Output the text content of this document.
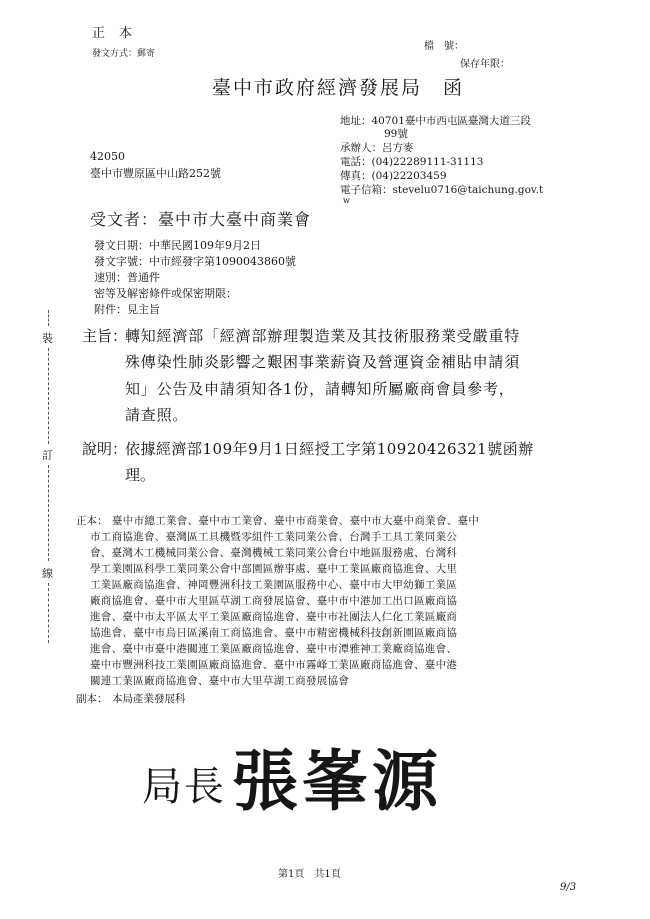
正本
發文方式：郵寄
檔　號：
保存年限：
臺中市政府經濟發展局　函
地址：40701臺中市西屯區臺灣大道三段
99號
承辦人：呂方麥
電話：(04)22289111-31113
傳真：(04)22203459
電子信箱：stevelu0716@taichung.gov.t
w
42050
臺中市豐原區中山路252號
受文者：臺中市大臺中商業會
發文日期：中華民國109年9月2日
發文字號：中市經發字第1090043860號
速別：普通件
密等及解密條件或保密期限：
附件：見主旨
裝
訂
線
主旨：
轉知經濟部「經濟部辦理製造業及其技術服務業受嚴重特
殊傳染性肺炎影響之艱困事業薪資及營運資金補貼申請須
知」公告及申請須知各1份，請轉知所屬廠商會員參考，
請查照。
說明：
依據經濟部109年9月1日經授工字第10920426321號函辦
理。
正本： 臺中市總工業會、臺中市工業會、臺中市商業會、臺中市大臺中商業會、臺中
市工商協進會、臺灣區工具機暨零組件工業同業公會、台灣手工具工業同業公
會、臺灣木工機械同業公會、臺灣機械工業同業公會台中地區服務處、台灣科
學工業園區科學工業同業公會中部園區辦事處、臺中工業區廠商協進會、大里
工業區廠商協進會、神岡豐洲科技工業園區服務中心、臺中市大甲幼獅工業區
廠商協進會、臺中市大里區草湖工商發展協會、臺中市中港加工出口區廠商協
進會、臺中市太平區太平工業區廠商協進會、臺中市社團法人仁化工業區廠商
協進會、臺中市烏日區溪南工商協進會、臺中市精密機械科技創新園區廠商協
進會、臺中市臺中港關連工業區廠商協進會、臺中市潭雅神工業廠商協進會、
臺中市豐洲科技工業園區廠商協進會、臺中市霧峰工業區廠商協進會、臺中港
關連工業區廠商協進會、臺中市大里草湖工商發展協會
副本： 本局產業發展科
局長 張峯源
第1頁　共1頁
9/3
